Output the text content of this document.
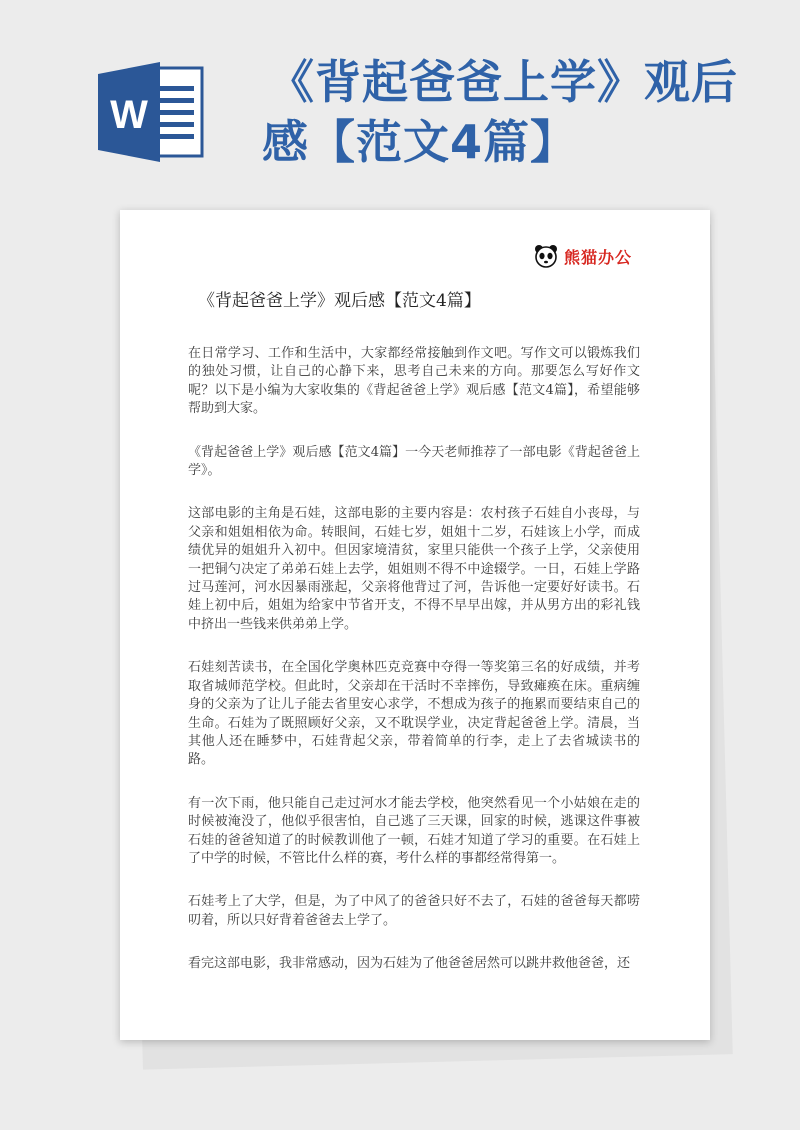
W
《背起爸爸上学》观后
感【范文4篇】
熊猫办公
《背起爸爸上学》观后感【范文4篇】

在日常学习、工作和生活中，大家都经常接触到作文吧。写作文可以锻炼我们的独处习惯，让自己的心静下来，思考自己未来的方向。那要怎么写好作文呢？以下是小编为大家收集的《背起爸爸上学》观后感【范文4篇】，希望能够帮助到大家。

《背起爸爸上学》观后感【范文4篇】一今天老师推荐了一部电影《背起爸爸上学》。

这部电影的主角是石娃，这部电影的主要内容是：农村孩子石娃自小丧母，与父亲和姐姐相依为命。转眼间，石娃七岁，姐姐十二岁，石娃该上小学，而成绩优异的姐姐升入初中。但因家境清贫，家里只能供一个孩子上学，父亲使用一把铜勺决定了弟弟石娃上去学，姐姐则不得不中途辍学。一日，石娃上学路过马莲河，河水因暴雨涨起，父亲将他背过了河，告诉他一定要好好读书。石娃上初中后，姐姐为给家中节省开支，不得不早早出嫁，并从男方出的彩礼钱中挤出一些钱来供弟弟上学。

石娃刻苦读书，在全国化学奥林匹克竞赛中夺得一等奖第三名的好成绩，并考取省城师范学校。但此时，父亲却在干活时不幸摔伤，导致瘫痪在床。重病缠身的父亲为了让儿子能去省里安心求学，不想成为孩子的拖累而要结束自己的生命。石娃为了既照顾好父亲，又不耽误学业，决定背起爸爸上学。清晨，当其他人还在睡梦中，石娃背起父亲，带着简单的行李，走上了去省城读书的路。

有一次下雨，他只能自己走过河水才能去学校，他突然看见一个小姑娘在走的时候被淹没了，他似乎很害怕，自己逃了三天课，回家的时候，逃课这件事被石娃的爸爸知道了的时候教训他了一顿，石娃才知道了学习的重要。在石娃上了中学的时候，不管比什么样的赛，考什么样的事都经常得第一。

石娃考上了大学，但是，为了中风了的爸爸只好不去了，石娃的爸爸每天都唠叨着，所以只好背着爸爸去上学了。

看完这部电影，我非常感动，因为石娃为了他爸爸居然可以跳井救他爸爸，还
